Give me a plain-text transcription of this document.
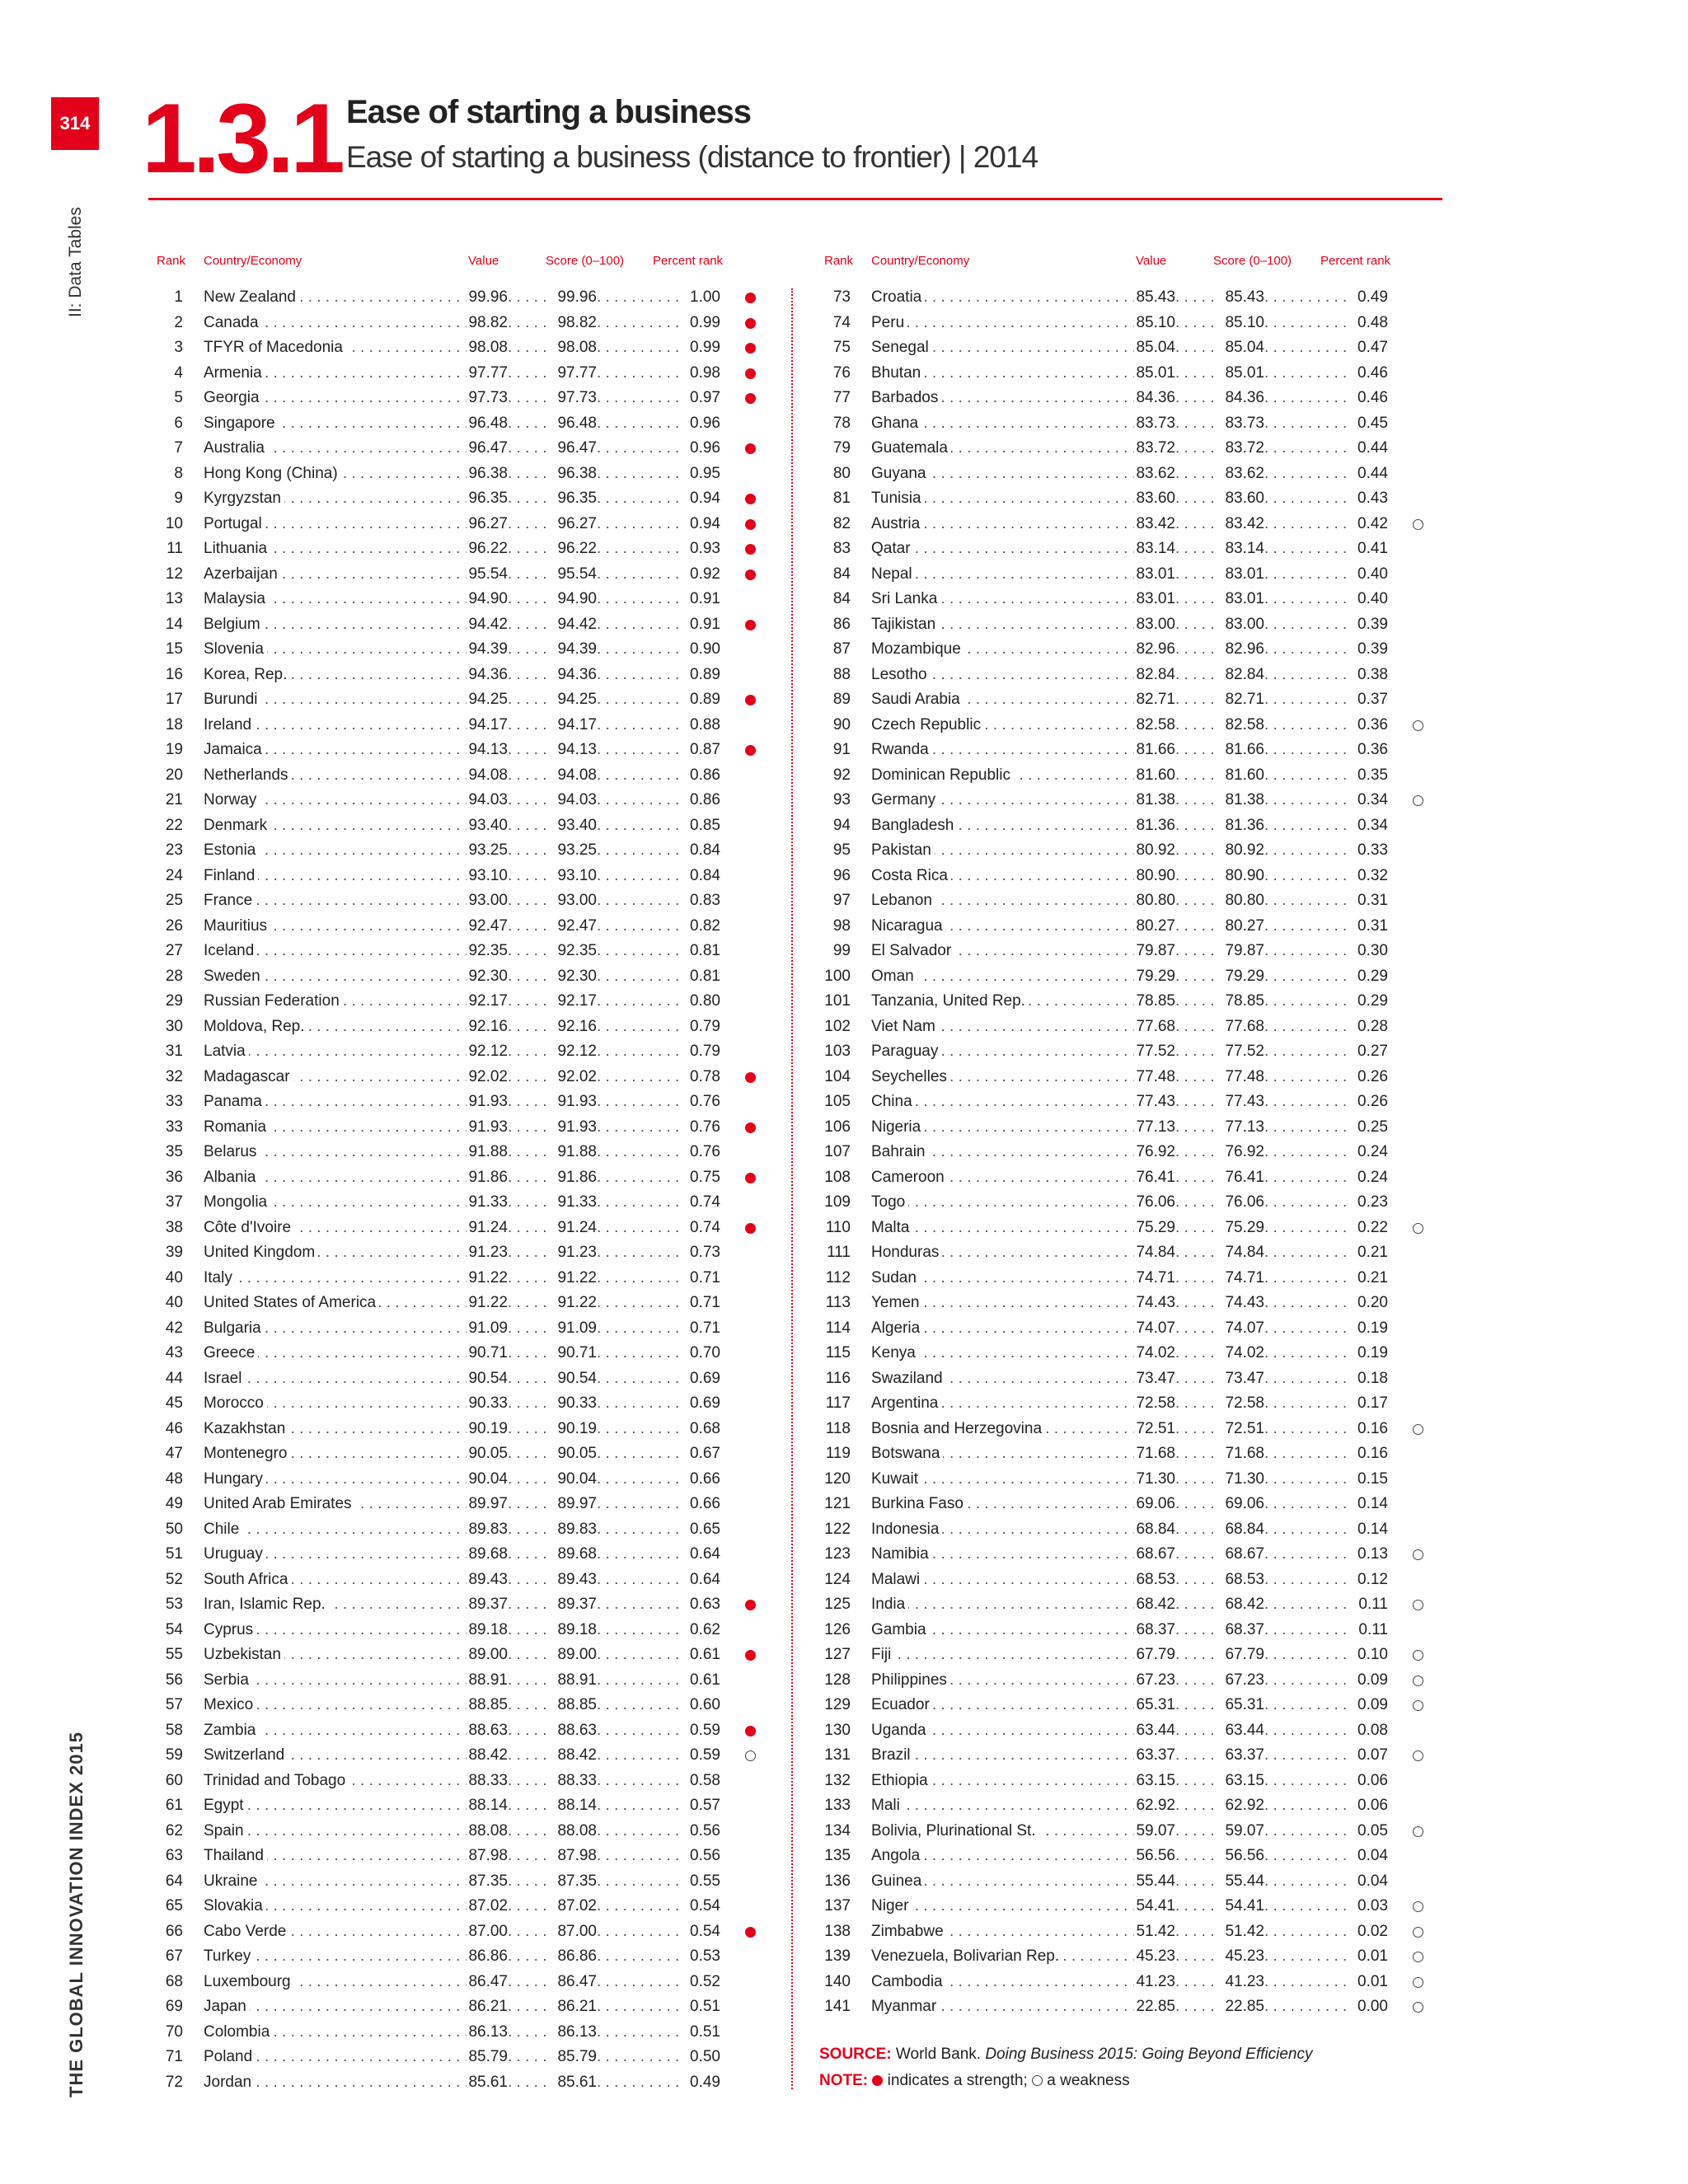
314
II: Data Tables
THE GLOBAL INNOVATION INDEX 2015
1.3.1 Ease of starting a business
Ease of starting a business (distance to frontier) | 2014
Rank Country/Economy	Value	Score (0–100) Percent rank
. . .
. . .
. . .
1 New Zealand	99.96	99.96	1.00
. . .
. . .
. . .
2 Canada	98.82	98.82	0.99
. . .
. . .
. . .
3 TFYR of Macedonia	98.08	98.08	0.99
. . .
. . .
. . .
4 Armenia	97.77	97.77	0.98
. . .
. . .
. . .
5 Georgia	97.73	97.73	0.97
. . .
. . .
. . .
6 Singapore	96.48	96.48	0.96
. . .
. . .
. . .
7 Australia	96.47	96.47	0.96
. . .
. . .
. . .
8 Hong Kong (China)	96.38	96.38	0.95
. . .
. . .
. . .
9 Kyrgyzstan	96.35	96.35	0.94
. . .
. . .
. . .
10 Portugal	96.27	96.27	0.94
. . .
. . .
. . .
11 Lithuania	96.22	96.22	0.93
. . .
. . .
. . .
12 Azerbaijan	95.54	95.54	0.92
. . .
. . .
. . .
13 Malaysia	94.90	94.90	0.91
. . .
. . .
. . .
14 Belgium	94.42	94.42	0.91
. . .
. . .
. . .
15 Slovenia	94.39	94.39	0.90
. . .
. . .
. . .
16 Korea, Rep.	94.36	94.36	0.89
. . .
. . .
. . .
17 Burundi	94.25	94.25	0.89
. . .
. . .
. . .
18 Ireland	94.17	94.17	0.88
. . .
. . .
. . .
19 Jamaica	94.13	94.13	0.87
. . .
. . .
. . .
20 Netherlands	94.08	94.08	0.86
. . .
. . .
. . .
21 Norway	94.03	94.03	0.86
. . .
. . .
. . .
22 Denmark	93.40	93.40	0.85
. . .
. . .
. . .
23 Estonia	93.25	93.25	0.84
. . .
. . .
. . .
24 Finland	93.10	93.10	0.84
. . .
. . .
. . .
25 France	93.00	93.00	0.83
. . .
. . .
. . .
26 Mauritius	92.47	92.47	0.82
. . .
. . .
. . .
27 Iceland	92.35	92.35	0.81
. . .
. . .
. . .
28 Sweden	92.30	92.30	0.81
. . .
. . .
. . .
29 Russian Federation	92.17	92.17	0.80
. . .
. . .
. . .
30 Moldova, Rep.	92.16	92.16	0.79
. . .
. . .
. . .
31 Latvia	92.12	92.12	0.79
. . .
. . .
. . .
32 Madagascar	92.02	92.02	0.78
. . .
. . .
. . .
33 Panama	91.93	91.93	0.76
. . .
. . .
. . .
33 Romania	91.93	91.93	0.76
. . .
. . .
. . .
35 Belarus	91.88	91.88	0.76
. . .
. . .
. . .
36 Albania	91.86	91.86	0.75
. . .
. . .
. . .
37 Mongolia	91.33	91.33	0.74
. . .
. . .
. . .
38 Côte d'Ivoire	91.24	91.24	0.74
. . .
. . .
. . .
39 United Kingdom	91.23	91.23	0.73
. . .
. . .
. . .
40 Italy	91.22	91.22	0.71
. . .
. . .
. . .
40 United States of America	91.22	91.22	0.71
. . .
. . .
. . .
42 Bulgaria	91.09	91.09	0.71
. . .
. . .
. . .
43 Greece	90.71	90.71	0.70
. . .
. . .
. . .
44 Israel	90.54	90.54	0.69
. . .
. . .
. . .
45 Morocco	90.33	90.33	0.69
. . .
. . .
. . .
46 Kazakhstan	90.19	90.19	0.68
. . .
. . .
. . .
47 Montenegro	90.05	90.05	0.67
. . .
. . .
. . .
48 Hungary	90.04	90.04	0.66
. . .
. . .
. . .
49 United Arab Emirates	89.97	89.97	0.66
. . .
. . .
. . .
50 Chile	89.83	89.83	0.65
. . .
. . .
. . .
51 Uruguay	89.68	89.68	0.64
. . .
. . .
. . .
52 South Africa	89.43	89.43	0.64
. . .
. . .
. . .
53 Iran, Islamic Rep.	89.37	89.37	0.63
. . .
. . .
. . .
54 Cyprus	89.18	89.18	0.62
. . .
. . .
. . .
55 Uzbekistan	89.00	89.00	0.61
. . .
. . .
. . .
56 Serbia	88.91	88.91	0.61
. . .
. . .
. . .
57 Mexico	88.85	88.85	0.60
. . .
. . .
. . .
58 Zambia	88.63	88.63	0.59
. . .
. . .
. . .
59 Switzerland	88.42	88.42	0.59
. . .
. . .
. . .
60 Trinidad and Tobago	88.33	88.33	0.58
. . .
. . .
. . .
61 Egypt	88.14	88.14	0.57
. . .
. . .
. . .
62 Spain	88.08	88.08	0.56
. . .
. . .
. . .
63 Thailand	87.98	87.98	0.56
. . .
. . .
. . .
64 Ukraine	87.35	87.35	0.55
. . .
. . .
. . .
65 Slovakia	87.02	87.02	0.54
. . .
. . .
. . .
66 Cabo Verde	87.00	87.00	0.54
. . .
. . .
. . .
67 Turkey	86.86	86.86	0.53
. . .
. . .
. . .
68 Luxembourg	86.47	86.47	0.52
. . .
. . .
. . .
69 Japan	86.21	86.21	0.51
. . .
. . .
. . .
70 Colombia	86.13	86.13	0.51
. . .
. . .
. . .
71 Poland	85.79	85.79	0.50
. . .
. . .
. . .
72 Jordan	85.61	85.61	0.49
Rank Country/Economy	Value	Score (0–100) Percent rank
. . .
. . .
. . .
73 Croatia	85.43	85.43	0.49
. . .
. . .
. . .
74 Peru	85.10	85.10	0.48
. . .
. . .
. . .
75 Senegal	85.04	85.04	0.47
. . .
. . .
. . .
76 Bhutan	85.01	85.01	0.46
. . .
. . .
. . .
77 Barbados	84.36	84.36	0.46
. . .
. . .
. . .
78 Ghana	83.73	83.73	0.45
. . .
. . .
. . .
79 Guatemala	83.72	83.72	0.44
. . .
. . .
. . .
80 Guyana	83.62	83.62	0.44
. . .
. . .
. . .
81 Tunisia	83.60	83.60	0.43
. . .
. . .
. . .
82 Austria	83.42	83.42	0.42
. . .
. . .
. . .
83 Qatar	83.14	83.14	0.41
. . .
. . .
. . .
84 Nepal	83.01	83.01	0.40
. . .
. . .
. . .
84 Sri Lanka	83.01	83.01	0.40
. . .
. . .
. . .
86 Tajikistan	83.00	83.00	0.39
. . .
. . .
. . .
87 Mozambique	82.96	82.96	0.39
. . .
. . .
. . .
88 Lesotho	82.84	82.84	0.38
. . .
. . .
. . .
89 Saudi Arabia	82.71	82.71	0.37
. . .
. . .
. . .
90 Czech Republic	82.58	82.58	0.36
. . .
. . .
. . .
91 Rwanda	81.66	81.66	0.36
. . .
. . .
. . .
92 Dominican Republic	81.60	81.60	0.35
. . .
. . .
. . .
93 Germany	81.38	81.38	0.34
. . .
. . .
. . .
94 Bangladesh	81.36	81.36	0.34
. . .
. . .
. . .
95 Pakistan	80.92	80.92	0.33
. . .
. . .
. . .
96 Costa Rica	80.90	80.90	0.32
. . .
. . .
. . .
97 Lebanon	80.80	80.80	0.31
. . .
. . .
. . .
98 Nicaragua	80.27	80.27	0.31
. . .
. . .
. . .
99 El Salvador	79.87	79.87	0.30
. . .
. . .
. . .
100 Oman	79.29	79.29	0.29
. . .
. . .
. . .
101 Tanzania, United Rep.	78.85	78.85	0.29
. . .
. . .
. . .
102 Viet Nam	77.68	77.68	0.28
. . .
. . .
. . .
103 Paraguay	77.52	77.52	0.27
. . .
. . .
. . .
104 Seychelles	77.48	77.48	0.26
. . .
. . .
. . .
105 China	77.43	77.43	0.26
. . .
. . .
. . .
106 Nigeria	77.13	77.13	0.25
. . .
. . .
. . .
107 Bahrain	76.92	76.92	0.24
. . .
. . .
. . .
108 Cameroon	76.41	76.41	0.24
. . .
. . .
. . .
109 Togo	76.06	76.06	0.23
. . .
. . .
. . .
110 Malta	75.29	75.29	0.22
. . .
. . .
. . .
111 Honduras	74.84	74.84	0.21
. . .
. . .
. . .
112 Sudan	74.71	74.71	0.21
. . .
. . .
. . .
113 Yemen	74.43	74.43	0.20
. . .
. . .
. . .
114 Algeria	74.07	74.07	0.19
. . .
. . .
. . .
115 Kenya	74.02	74.02	0.19
. . .
. . .
. . .
116 Swaziland	73.47	73.47	0.18
. . .
. . .
. . .
117 Argentina	72.58	72.58	0.17
. . .
. . .
. . .
118 Bosnia and Herzegovina	72.51	72.51	0.16
. . .
. . .
. . .
119 Botswana	71.68	71.68	0.16
. . .
. . .
. . .
120 Kuwait	71.30	71.30	0.15
. . .
. . .
. . .
121 Burkina Faso	69.06	69.06	0.14
. . .
. . .
. . .
122 Indonesia	68.84	68.84	0.14
. . .
. . .
. . .
123 Namibia	68.67	68.67	0.13
. . .
. . .
. . .
124 Malawi	68.53	68.53	0.12
. . .
. . .
. . .
125 India	68.42	68.42	0.11
. . .
. . .
. . .
126 Gambia	68.37	68.37	0.11
. . .
. . .
. . .
127 Fiji	67.79	67.79	0.10
. . .
. . .
. . .
128 Philippines	67.23	67.23	0.09
. . .
. . .
. . .
129 Ecuador	65.31	65.31	0.09
. . .
. . .
. . .
130 Uganda	63.44	63.44	0.08
. . .
. . .
. . .
131 Brazil	63.37	63.37	0.07
. . .
. . .
. . .
132 Ethiopia	63.15	63.15	0.06
. . .
. . .
. . .
133 Mali	62.92	62.92	0.06
. . .
. . .
. . .
134 Bolivia, Plurinational St.	59.07	59.07	0.05
. . .
. . .
. . .
135 Angola	56.56	56.56	0.04
. . .
. . .
. . .
136 Guinea	55.44	55.44	0.04
. . .
. . .
. . .
137 Niger	54.41	54.41	0.03
. . .
. . .
. . .
138 Zimbabwe	51.42	51.42	0.02
. . .
. . .
. . .
139 Venezuela, Bolivarian Rep.	45.23	45.23	0.01
. . .
. . .
. . .
140 Cambodia	41.23	41.23	0.01
. . .
. . .
. . .
141 Myanmar	22.85	22.85	0.00
SOURCE: World Bank. Doing Business 2015: Going Beyond Efficiency
NOTE: indicates a strength; a weakness
